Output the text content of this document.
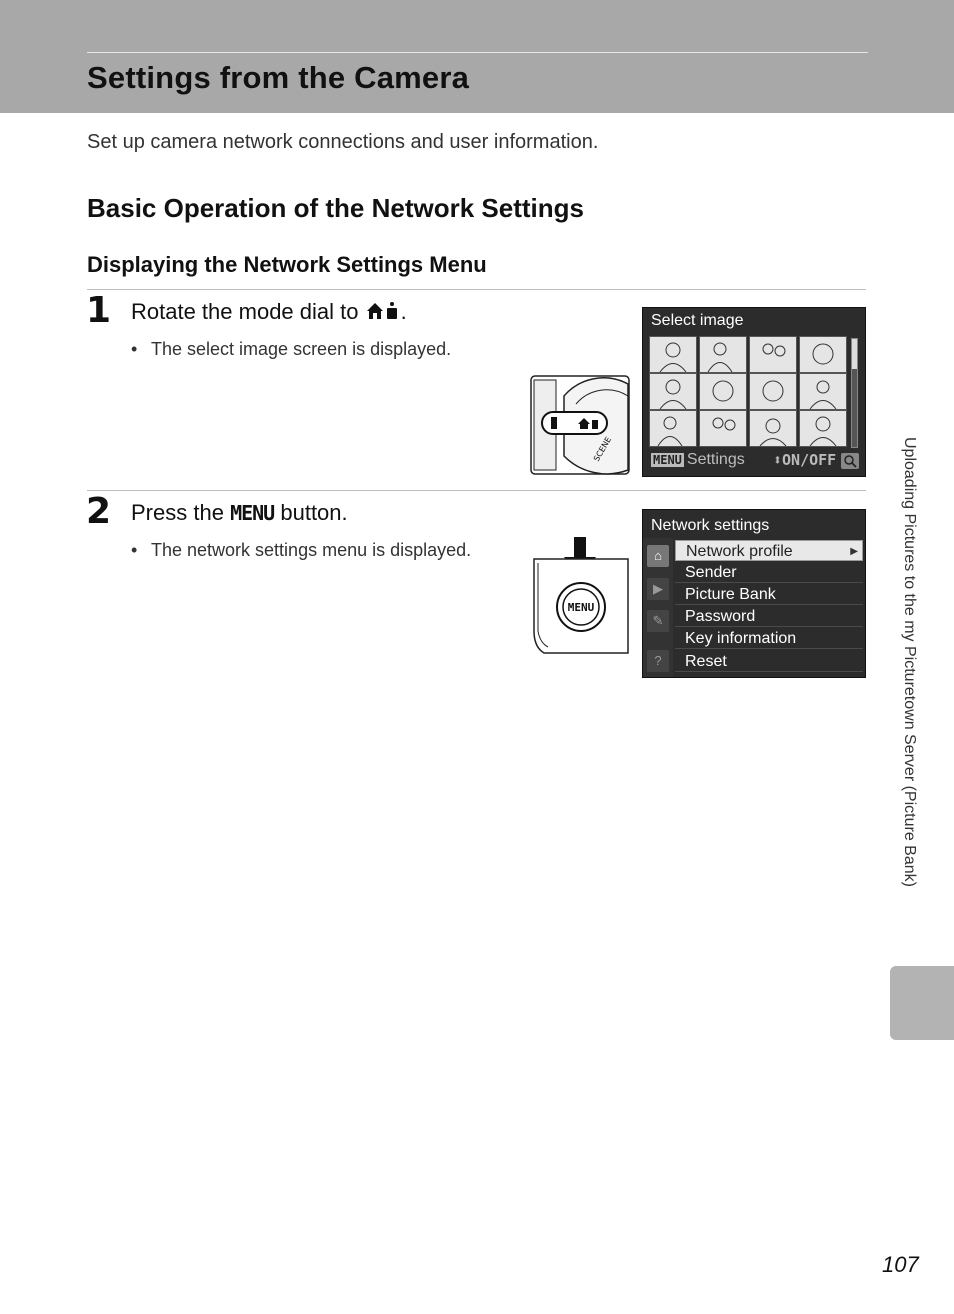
Settings from the Camera

Set up camera network connections and user information.

Basic Operation of the Network Settings
Displaying the Network Settings Menu
1 Rotate the mode dial to .
• The select image screen is displayed.
SCENE
Select image
MENU Settings ⬍ON/OFF
2 Press the MENU button.
• The network settings menu is displayed.
MENU
Network settings
⌂
▶
✎
?
Network profile	▶
Sender
Picture Bank
Password
Key information
Reset	Uploading Pictures to the my Picturetown Server (Picture Bank)
107
